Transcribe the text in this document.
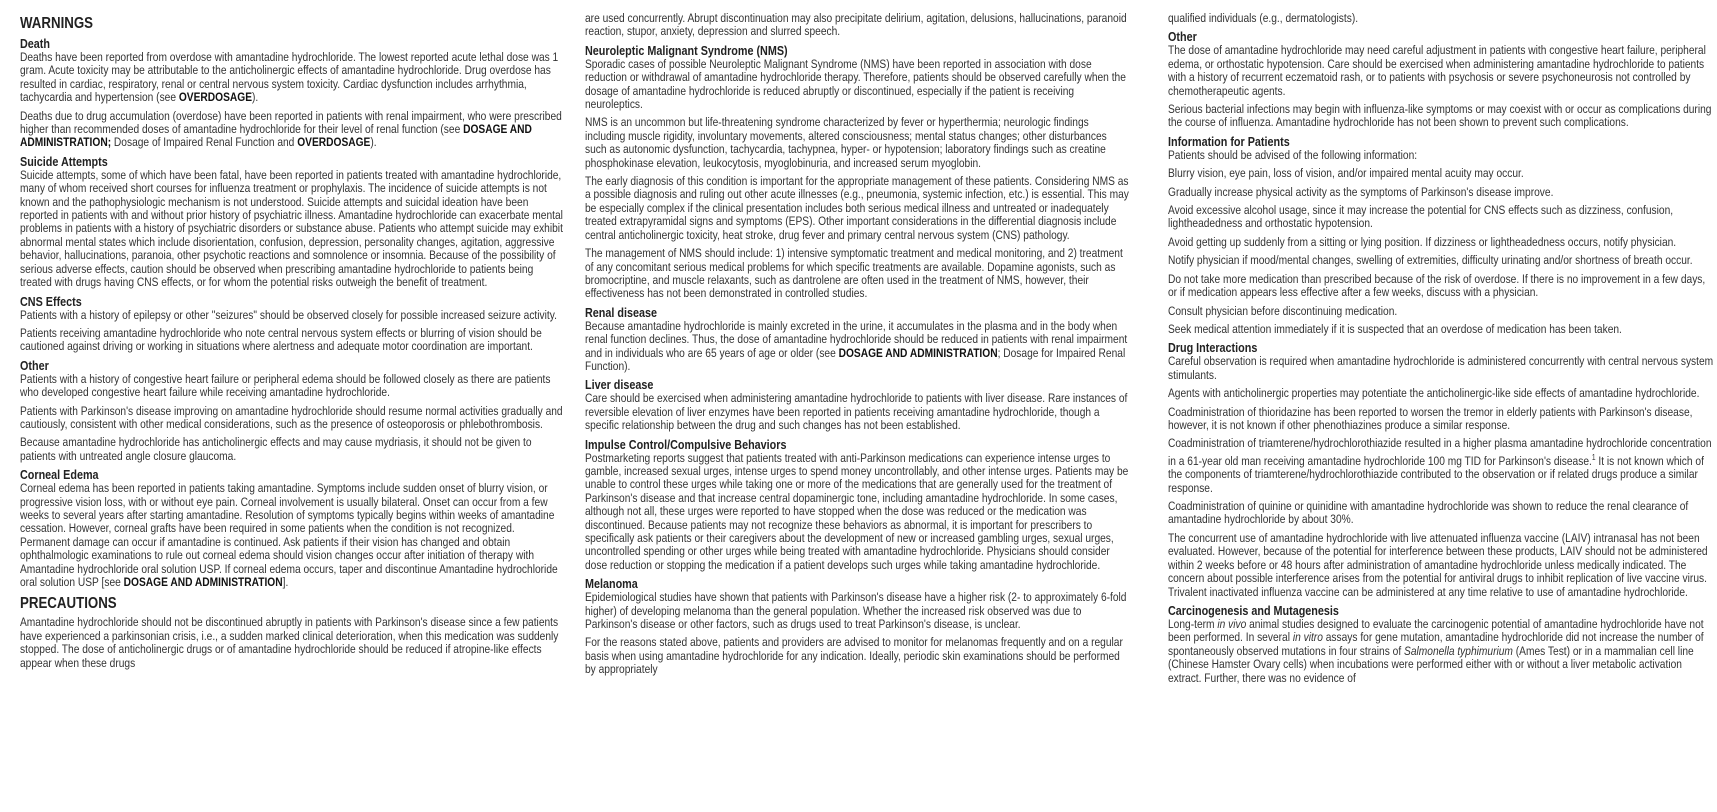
WARNINGS
Death

Deaths have been reported from overdose with amantadine hydrochloride. The lowest reported acute lethal dose was 1 gram. Acute toxicity may be attributable to the anticholinergic effects of amantadine hydrochloride. Drug overdose has resulted in cardiac, respiratory, renal or central nervous system toxicity. Cardiac dysfunction includes arrhythmia, tachycardia and hypertension (see OVERDOSAGE).

Deaths due to drug accumulation (overdose) have been reported in patients with renal impairment, who were prescribed higher than recommended doses of amantadine hydrochloride for their level of renal function (see DOSAGE AND ADMINISTRATION; Dosage of Impaired Renal Function and OVERDOSAGE).

Suicide Attempts

Suicide attempts, some of which have been fatal, have been reported in patients treated with amantadine hydrochloride, many of whom received short courses for influenza treatment or prophylaxis. The incidence of suicide attempts is not known and the pathophysiologic mechanism is not understood. Suicide attempts and suicidal ideation have been reported in patients with and without prior history of psychiatric illness. Amantadine hydrochloride can exacerbate mental problems in patients with a history of psychiatric disorders or substance abuse. Patients who attempt suicide may exhibit abnormal mental states which include disorientation, confusion, depression, personality changes, agitation, aggressive behavior, hallucinations, paranoia, other psychotic reactions and somnolence or insomnia. Because of the possibility of serious adverse effects, caution should be observed when prescribing amantadine hydrochloride to patients being treated with drugs having CNS effects, or for whom the potential risks outweigh the benefit of treatment.

CNS Effects

Patients with a history of epilepsy or other "seizures" should be observed closely for possible increased seizure activity.

Patients receiving amantadine hydrochloride who note central nervous system effects or blurring of vision should be cautioned against driving or working in situations where alertness and adequate motor coordination are important.

Other

Patients with a history of congestive heart failure or peripheral edema should be followed closely as there are patients who developed congestive heart failure while receiving amantadine hydrochloride.

Patients with Parkinson's disease improving on amantadine hydrochloride should resume normal activities gradually and cautiously, consistent with other medical considerations, such as the presence of osteoporosis or phlebothrombosis.

Because amantadine hydrochloride has anticholinergic effects and may cause mydriasis, it should not be given to patients with untreated angle closure glaucoma.

Corneal Edema

Corneal edema has been reported in patients taking amantadine. Symptoms include sudden onset of blurry vision, or progressive vision loss, with or without eye pain. Corneal involvement is usually bilateral. Onset can occur from a few weeks to several years after starting amantadine. Resolution of symptoms typically begins within weeks of amantadine cessation. However, corneal grafts have been required in some patients when the condition is not recognized. Permanent damage can occur if amantadine is continued. Ask patients if their vision has changed and obtain ophthalmologic examinations to rule out corneal edema should vision changes occur after initiation of therapy with Amantadine hydrochloride oral solution USP. If corneal edema occurs, taper and discontinue Amantadine hydrochloride oral solution USP [see DOSAGE AND ADMINISTRATION].

PRECAUTIONS

Amantadine hydrochloride should not be discontinued abruptly in patients with Parkinson's disease since a few patients have experienced a parkinsonian crisis, i.e., a sudden marked clinical deterioration, when this medication was suddenly stopped. The dose of anticholinergic drugs or of amantadine hydrochloride should be reduced if atropine-like effects appear when these drugs

are used concurrently. Abrupt discontinuation may also precipitate delirium, agitation, delusions, hallucinations, paranoid reaction, stupor, anxiety, depression and slurred speech.

Neuroleptic Malignant Syndrome (NMS)

Sporadic cases of possible Neuroleptic Malignant Syndrome (NMS) have been reported in association with dose reduction or withdrawal of amantadine hydrochloride therapy. Therefore, patients should be observed carefully when the dosage of amantadine hydrochloride is reduced abruptly or discontinued, especially if the patient is receiving neuroleptics.

NMS is an uncommon but life-threatening syndrome characterized by fever or hyperthermia; neurologic findings including muscle rigidity, involuntary movements, altered consciousness; mental status changes; other disturbances such as autonomic dysfunction, tachycardia, tachypnea, hyper- or hypotension; laboratory findings such as creatine phosphokinase elevation, leukocytosis, myoglobinuria, and increased serum myoglobin.

The early diagnosis of this condition is important for the appropriate management of these patients. Considering NMS as a possible diagnosis and ruling out other acute illnesses (e.g., pneumonia, systemic infection, etc.) is essential. This may be especially complex if the clinical presentation includes both serious medical illness and untreated or inadequately treated extrapyramidal signs and symptoms (EPS). Other important considerations in the differential diagnosis include central anticholinergic toxicity, heat stroke, drug fever and primary central nervous system (CNS) pathology.

The management of NMS should include: 1) intensive symptomatic treatment and medical monitoring, and 2) treatment of any concomitant serious medical problems for which specific treatments are available. Dopamine agonists, such as bromocriptine, and muscle relaxants, such as dantrolene are often used in the treatment of NMS, however, their effectiveness has not been demonstrated in controlled studies.

Renal disease

Because amantadine hydrochloride is mainly excreted in the urine, it accumulates in the plasma and in the body when renal function declines. Thus, the dose of amantadine hydrochloride should be reduced in patients with renal impairment and in individuals who are 65 years of age or older (see DOSAGE AND ADMINISTRATION; Dosage for Impaired Renal Function).

Liver disease

Care should be exercised when administering amantadine hydrochloride to patients with liver disease. Rare instances of reversible elevation of liver enzymes have been reported in patients receiving amantadine hydrochloride, though a specific relationship between the drug and such changes has not been established.

Impulse Control/Compulsive Behaviors

Postmarketing reports suggest that patients treated with anti-Parkinson medications can experience intense urges to gamble, increased sexual urges, intense urges to spend money uncontrollably, and other intense urges. Patients may be unable to control these urges while taking one or more of the medications that are generally used for the treatment of Parkinson's disease and that increase central dopaminergic tone, including amantadine hydrochloride. In some cases, although not all, these urges were reported to have stopped when the dose was reduced or the medication was discontinued. Because patients may not recognize these behaviors as abnormal, it is important for prescribers to specifically ask patients or their caregivers about the development of new or increased gambling urges, sexual urges, uncontrolled spending or other urges while being treated with amantadine hydrochloride. Physicians should consider dose reduction or stopping the medication if a patient develops such urges while taking amantadine hydrochloride.

Melanoma

Epidemiological studies have shown that patients with Parkinson's disease have a higher risk (2- to approximately 6-fold higher) of developing melanoma than the general population. Whether the increased risk observed was due to Parkinson's disease or other factors, such as drugs used to treat Parkinson's disease, is unclear.

For the reasons stated above, patients and providers are advised to monitor for melanomas frequently and on a regular basis when using amantadine hydrochloride for any indication. Ideally, periodic skin examinations should be performed by appropriately

qualified individuals (e.g., dermatologists).

Other

The dose of amantadine hydrochloride may need careful adjustment in patients with congestive heart failure, peripheral edema, or orthostatic hypotension. Care should be exercised when administering amantadine hydrochloride to patients with a history of recurrent eczematoid rash, or to patients with psychosis or severe psychoneurosis not controlled by chemotherapeutic agents.

Serious bacterial infections may begin with influenza-like symptoms or may coexist with or occur as complications during the course of influenza. Amantadine hydrochloride has not been shown to prevent such complications.

Information for Patients

Patients should be advised of the following information:

Blurry vision, eye pain, loss of vision, and/or impaired mental acuity may occur.

Gradually increase physical activity as the symptoms of Parkinson's disease improve.

Avoid excessive alcohol usage, since it may increase the potential for CNS effects such as dizziness, confusion, lightheadedness and orthostatic hypotension.

Avoid getting up suddenly from a sitting or lying position. If dizziness or lightheadedness occurs, notify physician.

Notify physician if mood/mental changes, swelling of extremities, difficulty urinating and/or shortness of breath occur.

Do not take more medication than prescribed because of the risk of overdose. If there is no improvement in a few days, or if medication appears less effective after a few weeks, discuss with a physician.

Consult physician before discontinuing medication.

Seek medical attention immediately if it is suspected that an overdose of medication has been taken.

Drug Interactions

Careful observation is required when amantadine hydrochloride is administered concurrently with central nervous system stimulants.

Agents with anticholinergic properties may potentiate the anticholinergic-like side effects of amantadine hydrochloride.

Coadministration of thioridazine has been reported to worsen the tremor in elderly patients with Parkinson's disease, however, it is not known if other phenothiazines produce a similar response.

Coadministration of triamterene/hydrochlorothiazide resulted in a higher plasma amantadine hydrochloride concentration in a 61-year old man receiving amantadine hydrochloride 100 mg TID for Parkinson's disease.$^1$ It is not known which of the components of triamterene/hydrochlorothiazide contributed to the observation or if related drugs produce a similar response.

Coadministration of quinine or quinidine with amantadine hydrochloride was shown to reduce the renal clearance of amantadine hydrochloride by about 30%.

The concurrent use of amantadine hydrochloride with live attenuated influenza vaccine (LAIV) intranasal has not been evaluated. However, because of the potential for interference between these products, LAIV should not be administered within 2 weeks before or 48 hours after administration of amantadine hydrochloride unless medically indicated. The concern about possible interference arises from the potential for antiviral drugs to inhibit replication of live vaccine virus. Trivalent inactivated influenza vaccine can be administered at any time relative to use of amantadine hydrochloride.

Carcinogenesis and Mutagenesis

Long-term in vivo animal studies designed to evaluate the carcinogenic potential of amantadine hydrochloride have not been performed. In several in vitro assays for gene mutation, amantadine hydrochloride did not increase the number of spontaneously observed mutations in four strains of Salmonella typhimurium (Ames Test) or in a mammalian cell line (Chinese Hamster Ovary cells) when incubations were performed either with or without a liver metabolic activation extract. Further, there was no evidence of
